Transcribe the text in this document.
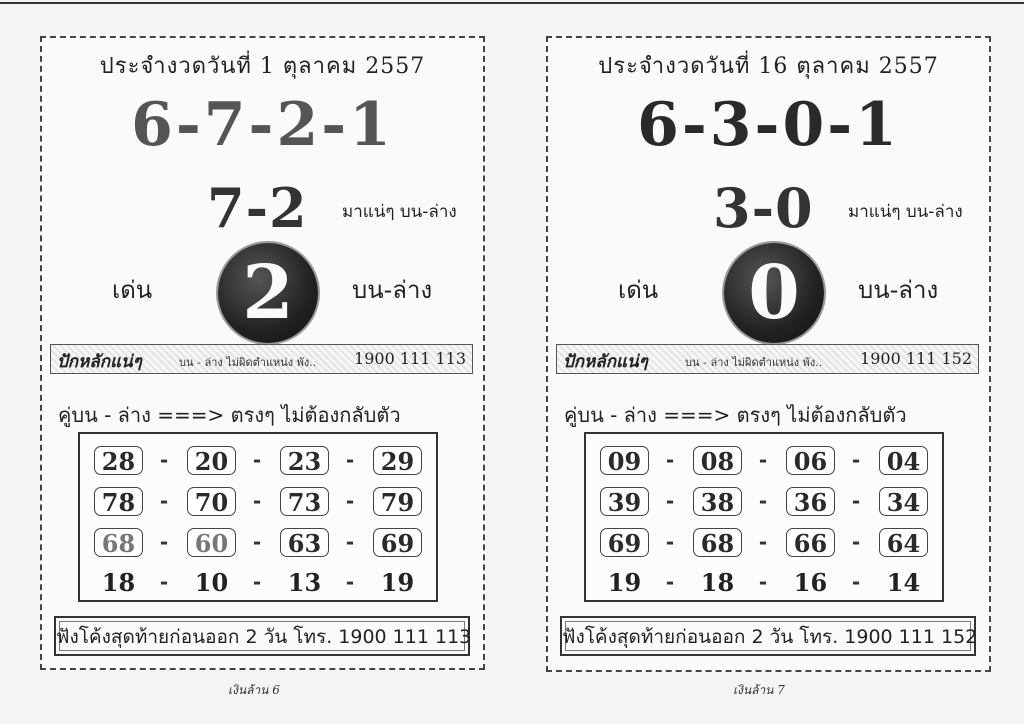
ประจำงวดวันที่ 1 ตุลาคม 2557
6-7-2-1
7-2 มาแน่ๆ บน-ล่าง
เด่น	2	บน-ล่าง
ปักหลักแน่ๆ	บน - ล่าง ไม่ผิดตำแหน่ง พัง.. 1900 111 113
คู่บน - ล่าง ===> ตรงๆ ไม่ต้องกลับตัว
28	-	20	-	23	-	29
78	-	70	-	73	-	79
68	-	60	-	63	-	69
18	-	10	-	13	-	19
ฟังโค้งสุดท้ายก่อนออก 2 วัน โทร. 1900 111 113
เงินล้าน 6
ประจำงวดวันที่ 16 ตุลาคม 2557
6-3-0-1
3-0 มาแน่ๆ บน-ล่าง
เด่น	0	บน-ล่าง
ปักหลักแน่ๆ	บน - ล่าง ไม่ผิดตำแหน่ง พัง.. 1900 111 152
คู่บน - ล่าง ===> ตรงๆ ไม่ต้องกลับตัว
09	-	08	-	06	-	04
39	-	38	-	36	-	34
69	-	68	-	66	-	64
19	-	18	-	16	-	14
ฟังโค้งสุดท้ายก่อนออก 2 วัน โทร. 1900 111 152
เงินล้าน 7
